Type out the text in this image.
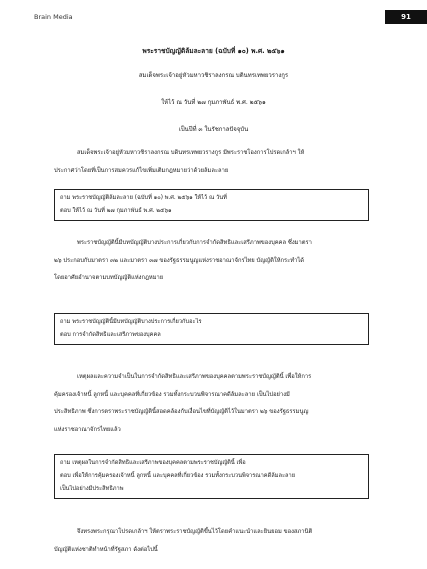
Brain Media	91
พระราชบัญญัติล้มละลาย (ฉบับที่ ๑๐) พ.ศ. ๒๕๖๑
สมเด็จพระเจ้าอยู่หัวมหาวชิราลงกรณ บดินทรเทพยวรางกูร
ให้ไว้ ณ วันที่ ๒๗ กุมภาพันธ์ พ.ศ. ๒๕๖๑
เป็นปีที่ ๓ ในรัชกาลปัจจุบัน
สมเด็จพระเจ้าอยู่หัวมหาวชิราลงกรณ บดินทรเทพยวรางกูร มีพระราชโองการโปรดเกล้าฯ ให้
ประกาศว่าโดยที่เป็นการสมควรแก้ไขเพิ่มเติมกฎหมายว่าด้วยล้มละลาย
ถาม พระราชบัญญัติล้มละลาย (ฉบับที่ ๑๐) พ.ศ. ๒๕๖๑ ให้ไว้ ณ วันที่
ตอบ ให้ไว้ ณ วันที่ ๒๗ กุมภาพันธ์ พ.ศ. ๒๕๖๑
พระราชบัญญัตินี้มีบทบัญญัติบางประการเกี่ยวกับการจำกัดสิทธิและเสรีภาพของบุคคล ซึ่งมาตรา
๒๖ ประกอบกับมาตรา ๓๒ และมาตรา ๓๗ ของรัฐธรรมนูญแห่งราชอาณาจักรไทย บัญญัติให้กระทำได้
โดยอาศัยอำนาจตามบทบัญญัติแห่งกฎหมาย
ถาม พระราชบัญญัตินี้มีบทบัญญัติบางประการเกี่ยวกับอะไร
ตอบ การจำกัดสิทธิและเสรีภาพของบุคคล
เหตุผลและความจำเป็นในการจำกัดสิทธิและเสรีภาพของบุคคลตามพระราชบัญญัตินี้ เพื่อให้การ
คุ้มครองเจ้าหนี้ ลูกหนี้ และบุคคลที่เกี่ยวข้อง รวมทั้งกระบวนพิจารณาคดีล้มละลาย เป็นไปอย่างมี
ประสิทธิภาพ ซึ่งการตราพระราชบัญญัตินี้สอดคล้องกับเงื่อนไขที่บัญญัติไว้ในมาตรา ๒๖ ของรัฐธรรมนูญ
แห่งราชอาณาจักรไทยแล้ว
ถาม เหตุผลในการจำกัดสิทธิและเสรีภาพของบุคคลตามพระราชบัญญัตินี้ เพื่อ
ตอบ เพื่อให้การคุ้มครองเจ้าหนี้ ลูกหนี้ และบุคคลที่เกี่ยวข้อง รวมทั้งกระบวนพิจารณาคดีล้มละลาย
เป็นไปอย่างมีประสิทธิภาพ
จึงทรงพระกรุณาโปรดเกล้าฯ ให้ตราพระราชบัญญัติขึ้นไว้โดยคำแนะนำและยินยอม ของสภานิติ
บัญญัติแห่งชาติทำหน้าที่รัฐสภา ดังต่อไปนี้
